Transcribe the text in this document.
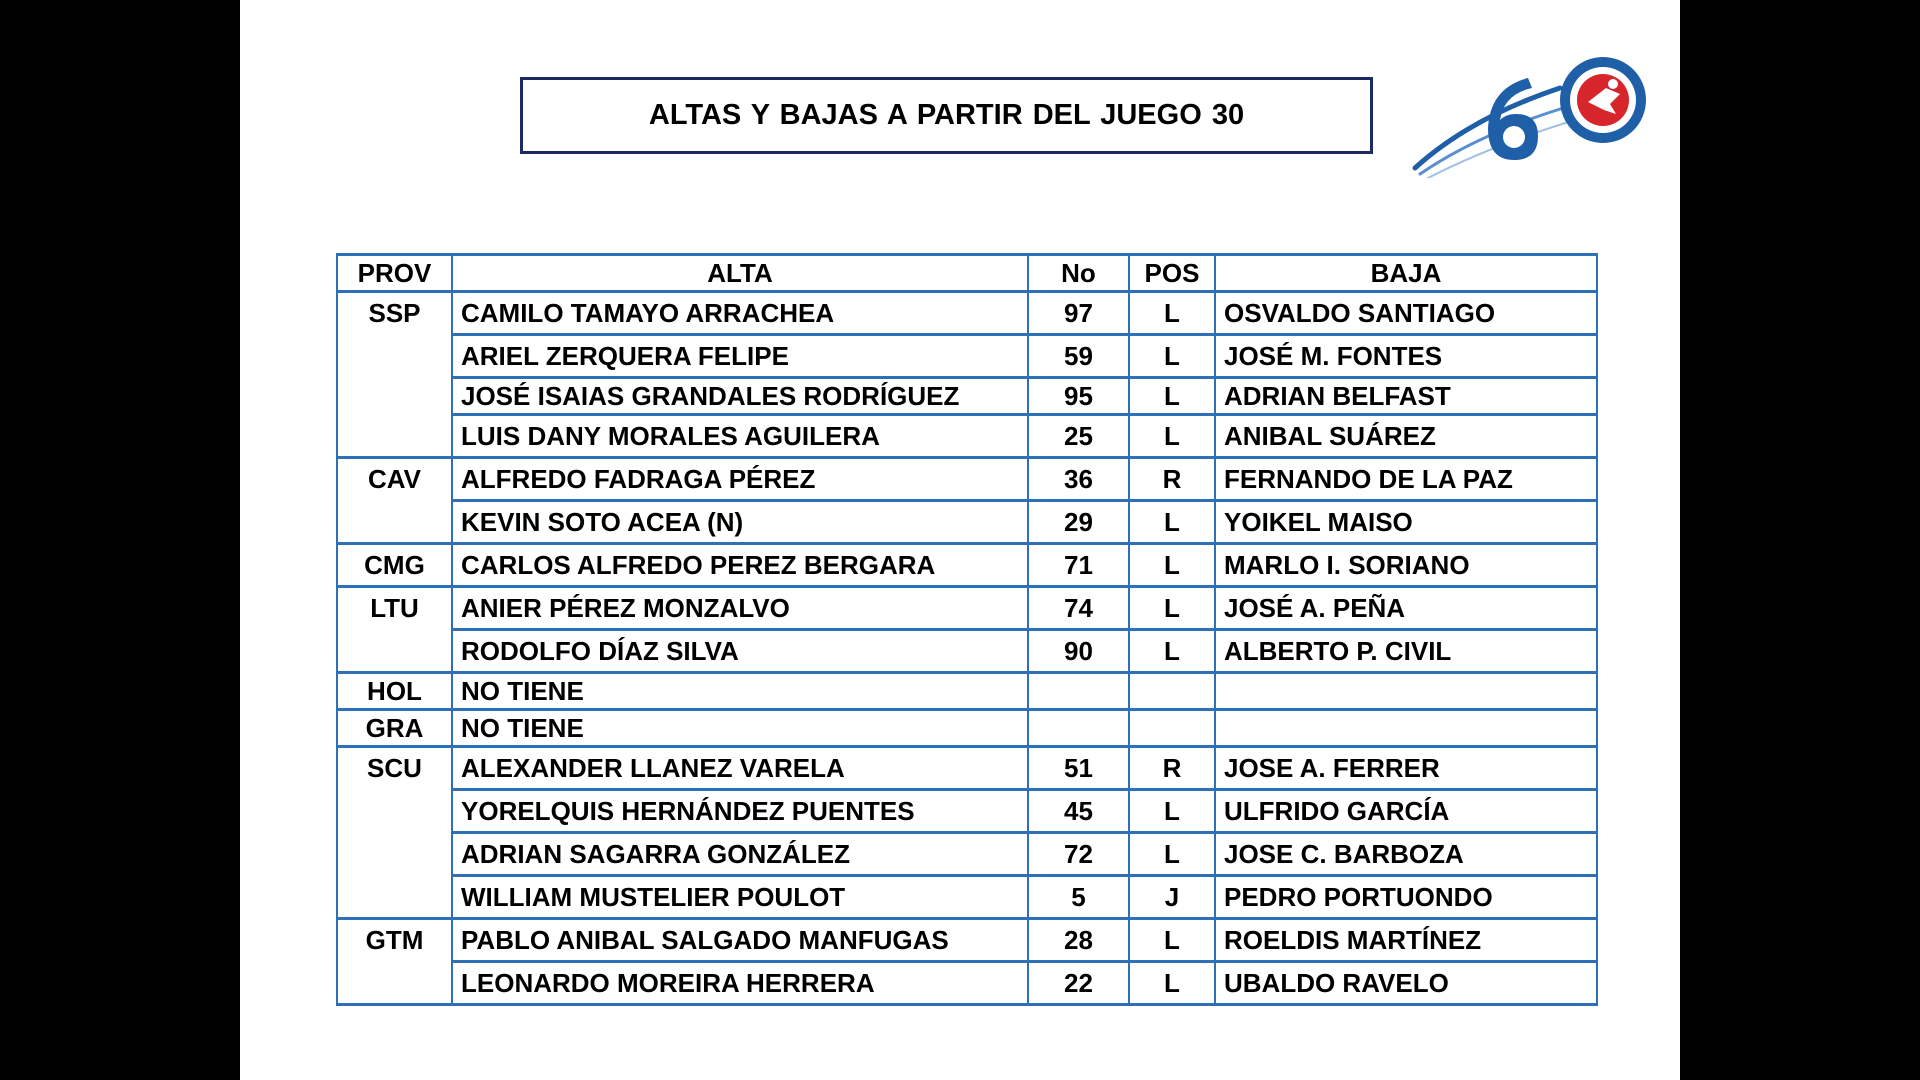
ALTAS Y BAJAS A PARTIR DEL JUEGO 30
PROV	ALTA	No	POS	BAJA
SSP	CAMILO TAMAYO ARRACHEA	97	L	OSVALDO SANTIAGO
	ARIEL ZERQUERA FELIPE	59	L	JOSÉ M. FONTES
	JOSÉ ISAIAS GRANDALES RODRÍGUEZ	95	L	ADRIAN BELFAST
	LUIS DANY MORALES AGUILERA	25	L	ANIBAL SUÁREZ
CAV	ALFREDO FADRAGA PÉREZ	36	R	FERNANDO DE LA PAZ
	KEVIN SOTO ACEA (N)	29	L	YOIKEL MAISO
CMG	CARLOS ALFREDO PEREZ BERGARA	71	L	MARLO I. SORIANO
LTU	ANIER PÉREZ MONZALVO	74	L	JOSÉ A. PEÑA
	RODOLFO DÍAZ SILVA	90	L	ALBERTO P. CIVIL
HOL	NO TIENE			
GRA	NO TIENE			
SCU	ALEXANDER LLANEZ VARELA	51	R	JOSE A. FERRER
	YORELQUIS HERNÁNDEZ PUENTES	45	L	ULFRIDO GARCÍA
	ADRIAN SAGARRA GONZÁLEZ	72	L	JOSE C. BARBOZA
	WILLIAM MUSTELIER POULOT	5	J	PEDRO PORTUONDO
GTM	PABLO ANIBAL SALGADO MANFUGAS	28	L	ROELDIS MARTÍNEZ
	LEONARDO MOREIRA HERRERA	22	L	UBALDO RAVELO
